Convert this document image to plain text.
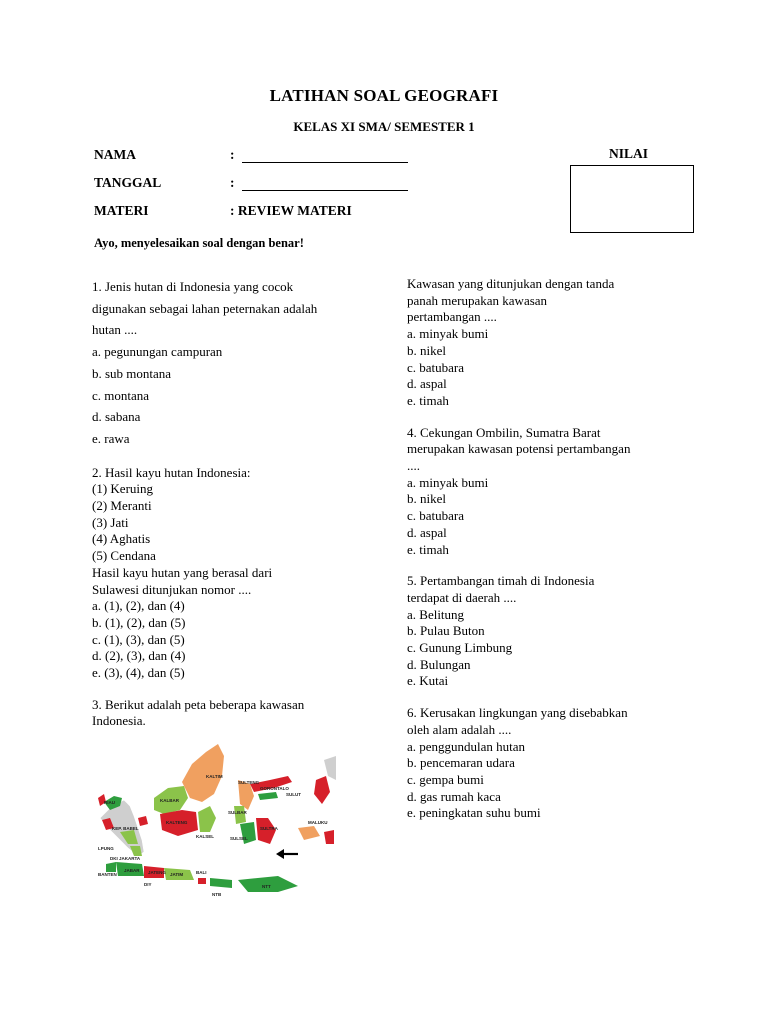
LATIHAN SOAL GEOGRAFI
KELAS XI SMA/ SEMESTER 1
NAMA	:
TANGGAL	:
MATERI	: REVIEW MATERI
NILAI
Ayo, menyelesaikan soal dengan benar!
1. Jenis hutan di Indonesia yang cocok
digunakan sebagai lahan peternakan adalah
hutan ....
a. pegunungan campuran
b. sub montana
c. montana
d. sabana
e. rawa
2. Hasil kayu hutan Indonesia:
(1) Keruing
(2) Meranti
(3) Jati
(4) Aghatis
(5) Cendana
Hasil kayu hutan yang berasal dari
Sulawesi ditunjukan nomor ....
a. (1), (2), dan (4)
b. (1), (2), dan (5)
c. (1), (3), dan (5)
d. (2), (3), dan (4)
e. (3), (4), dan (5)
3. Berikut adalah peta beberapa kawasan
Indonesia.
KALTIM
KALBAR
KALTENG
KALSEL
RIAU
KEP. BABEL
SULTENG
GORONTALO
SULUT
SULBAR
SULSEL
SULTRA
MALUKU
LPUNG
DKI JAKARTA
BANTEN
JABAR JATENG JATIM
DIY
BALI
NTB
NTT
Kawasan yang ditunjukan dengan tanda
panah merupakan kawasan
pertambangan ....
a. minyak bumi
b. nikel
c. batubara
d. aspal
e. timah
4. Cekungan Ombilin, Sumatra Barat
merupakan kawasan potensi pertambangan
....
a. minyak bumi
b. nikel
c. batubara
d. aspal
e. timah
5. Pertambangan timah di Indonesia
terdapat di daerah ....
a. Belitung
b. Pulau Buton
c. Gunung Limbung
d. Bulungan
e. Kutai
6. Kerusakan lingkungan yang disebabkan
oleh alam adalah ....
a. penggundulan hutan
b. pencemaran udara
c. gempa bumi
d. gas rumah kaca
e. peningkatan suhu bumi
